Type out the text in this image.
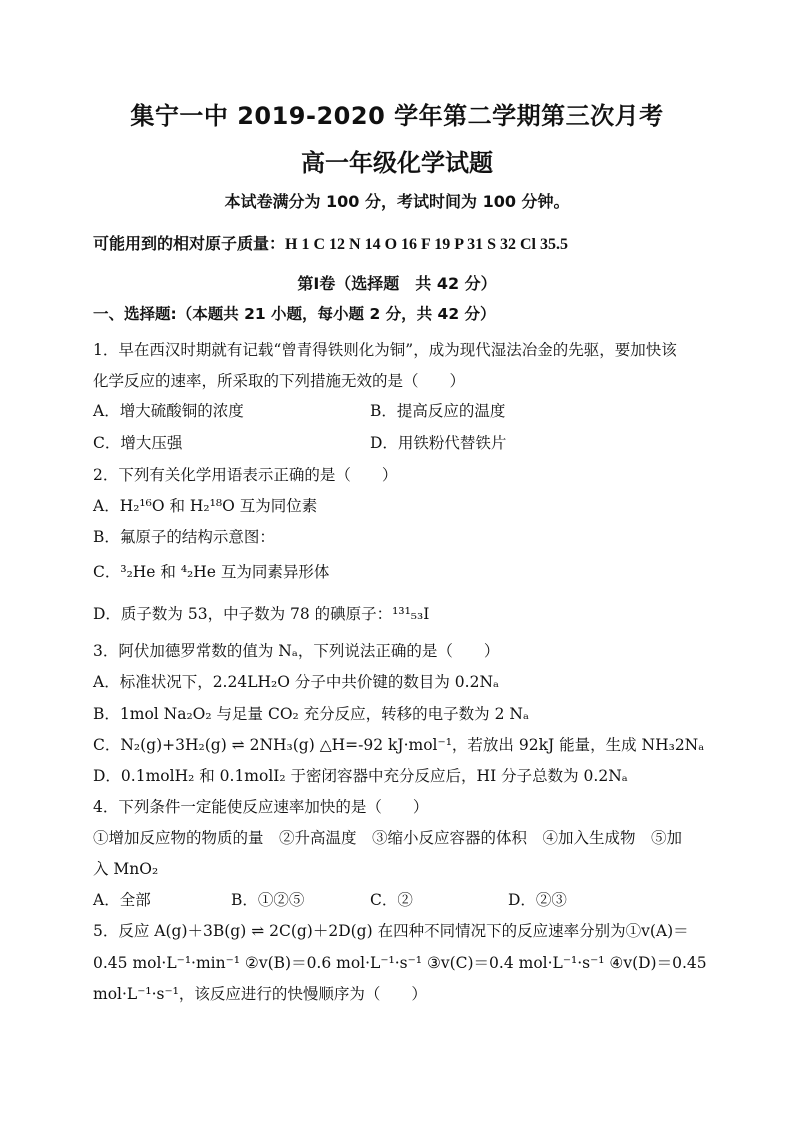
集宁一中 2019-2020 学年第二学期第三次月考
高一年级化学试题
本试卷满分为 100 分，考试时间为 100 分钟。
可能用到的相对原子质量：H 1 C 12 N 14 O 16 F 19 P 31 S 32 Cl 35.5
第Ⅰ卷（选择题　共 42 分）
一、选择题:（本题共 21 小题，每小题 2 分，共 42 分）
1．早在西汉时期就有记载“曾青得铁则化为铜”，成为现代湿法冶金的先驱，要加快该
化学反应的速率，所采取的下列措施无效的是（　　）
A．增大硫酸铜的浓度	B．提高反应的温度
C．增大压强	D．用铁粉代替铁片
2．下列有关化学用语表示正确的是（　　）
A．H₂¹⁶O 和 H₂¹⁸O 互为同位素
B．氟原子的结构示意图：
C．³₂He 和 ⁴₂He 互为同素异形体
D．质子数为 53，中子数为 78 的碘原子：¹³¹₅₃I
3．阿伏加德罗常数的值为 Nₐ，下列说法正确的是（　　）
A．标准状况下，2.24LH₂O 分子中共价键的数目为 0.2Nₐ
B．1mol Na₂O₂ 与足量 CO₂ 充分反应，转移的电子数为 2 Nₐ
C．N₂(g)+3H₂(g) ⇌ 2NH₃(g) △H=-92 kJ·mol⁻¹，若放出 92kJ 能量，生成 NH₃2Nₐ
D．0.1molH₂ 和 0.1molI₂ 于密闭容器中充分反应后，HI 分子总数为 0.2Nₐ
4．下列条件一定能使反应速率加快的是（　　）
①增加反应物的物质的量　②升高温度　③缩小反应容器的体积　④加入生成物　⑤加
入 MnO₂
A．全部	B．①②⑤	C．②	D．②③
5．反应 A(g)＋3B(g) ⇌ 2C(g)＋2D(g) 在四种不同情况下的反应速率分别为①v(A)＝
0.45 mol·L⁻¹·min⁻¹ ②v(B)＝0.6 mol·L⁻¹·s⁻¹ ③v(C)＝0.4 mol·L⁻¹·s⁻¹ ④v(D)＝0.45
mol·L⁻¹·s⁻¹，该反应进行的快慢顺序为（　　）
